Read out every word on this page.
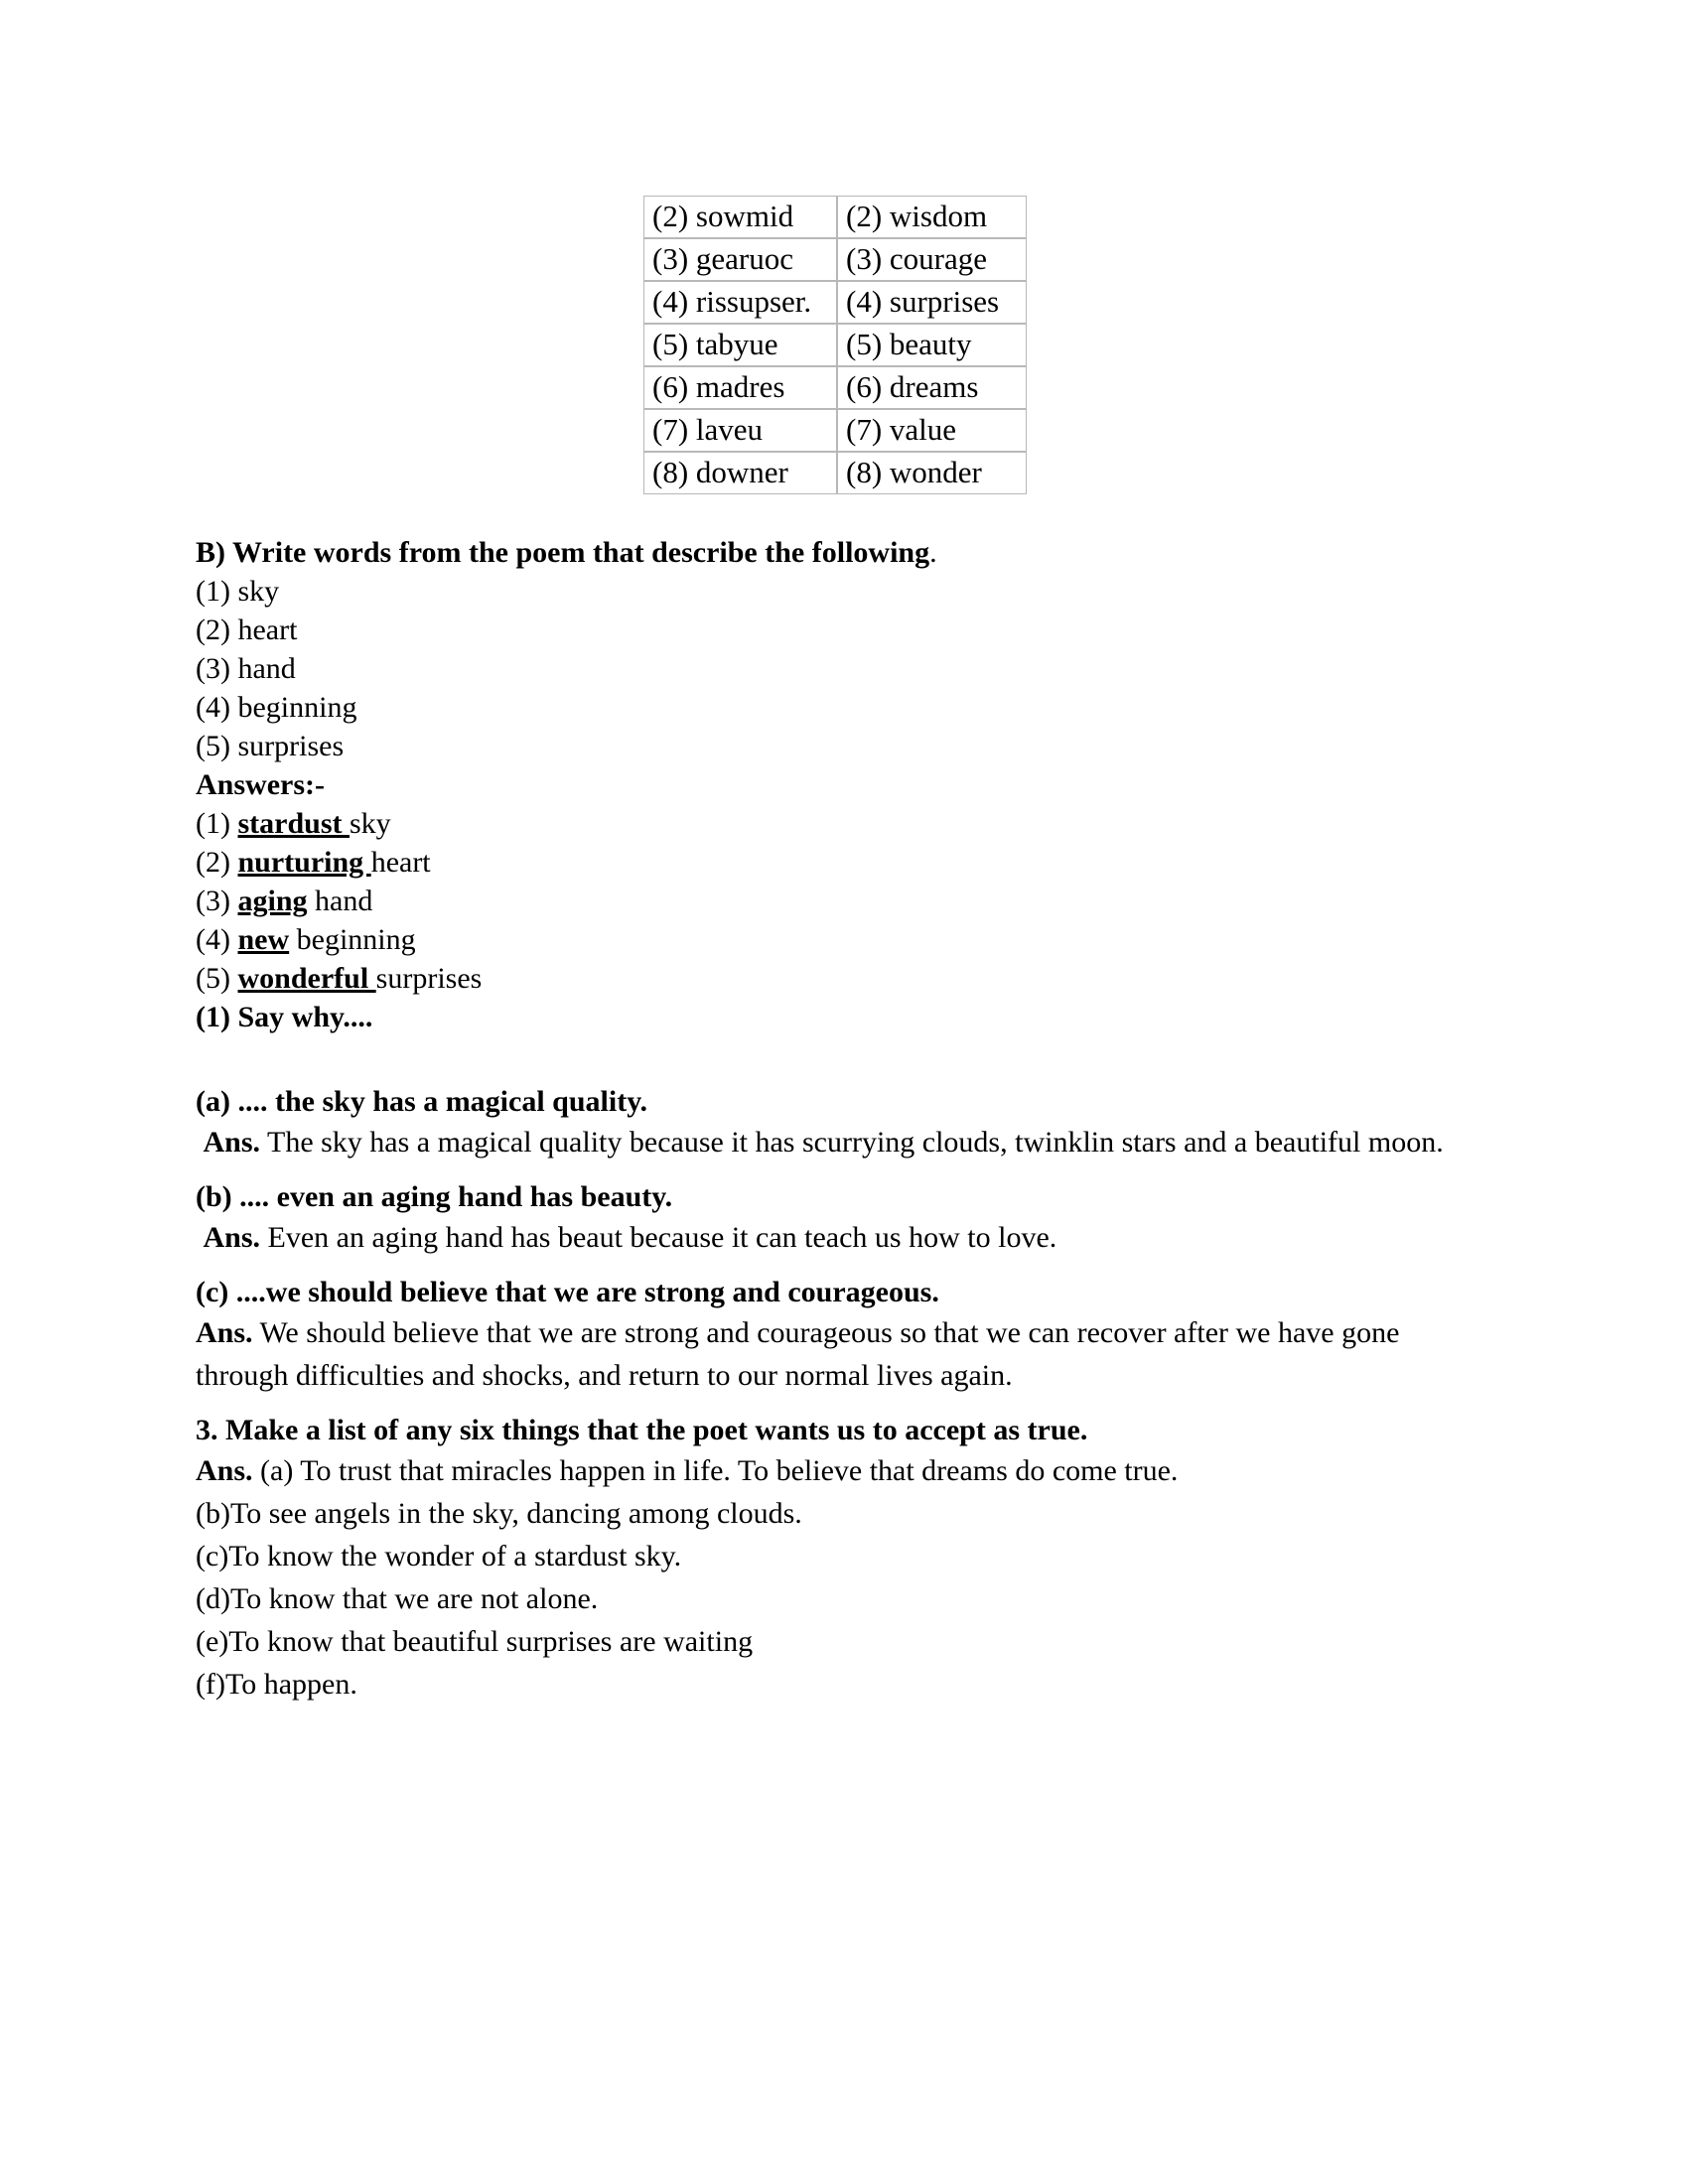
(2) sowmid	(2) wisdom
(3) gearuoc	(3) courage
(4) rissupser.	(4) surprises
(5) tabyue	(5) beauty
(6) madres	(6) dreams
(7) laveu	(7) value
(8) downer	(8) wonder
B) Write words from the poem that describe the following.
(1) sky
(2) heart
(3) hand
(4) beginning
(5) surprises
Answers:-
(1) stardust sky
(2) nurturing heart
(3) aging hand
(4) new beginning
(5) wonderful surprises
(1) Say why....
(a) .... the sky has a magical quality.
Ans. The sky has a magical quality because it has scurrying clouds, twinklin stars and a beautiful moon.
(b) .... even an aging hand has beauty.
Ans. Even an aging hand has beaut because it can teach us how to love.
(c) ....we should believe that we are strong and courageous.
Ans. We should believe that we are strong and courageous so that we can recover after we have gone through difficulties and shocks, and return to our normal lives again.
3. Make a list of any six things that the poet wants us to accept as true.
Ans. (a) To trust that miracles happen in life. To believe that dreams do come true.
(b)To see angels in the sky, dancing among clouds.
(c)To know the wonder of a stardust sky.
(d)To know that we are not alone.
(e)To know that beautiful surprises are waiting
(f)To happen.
